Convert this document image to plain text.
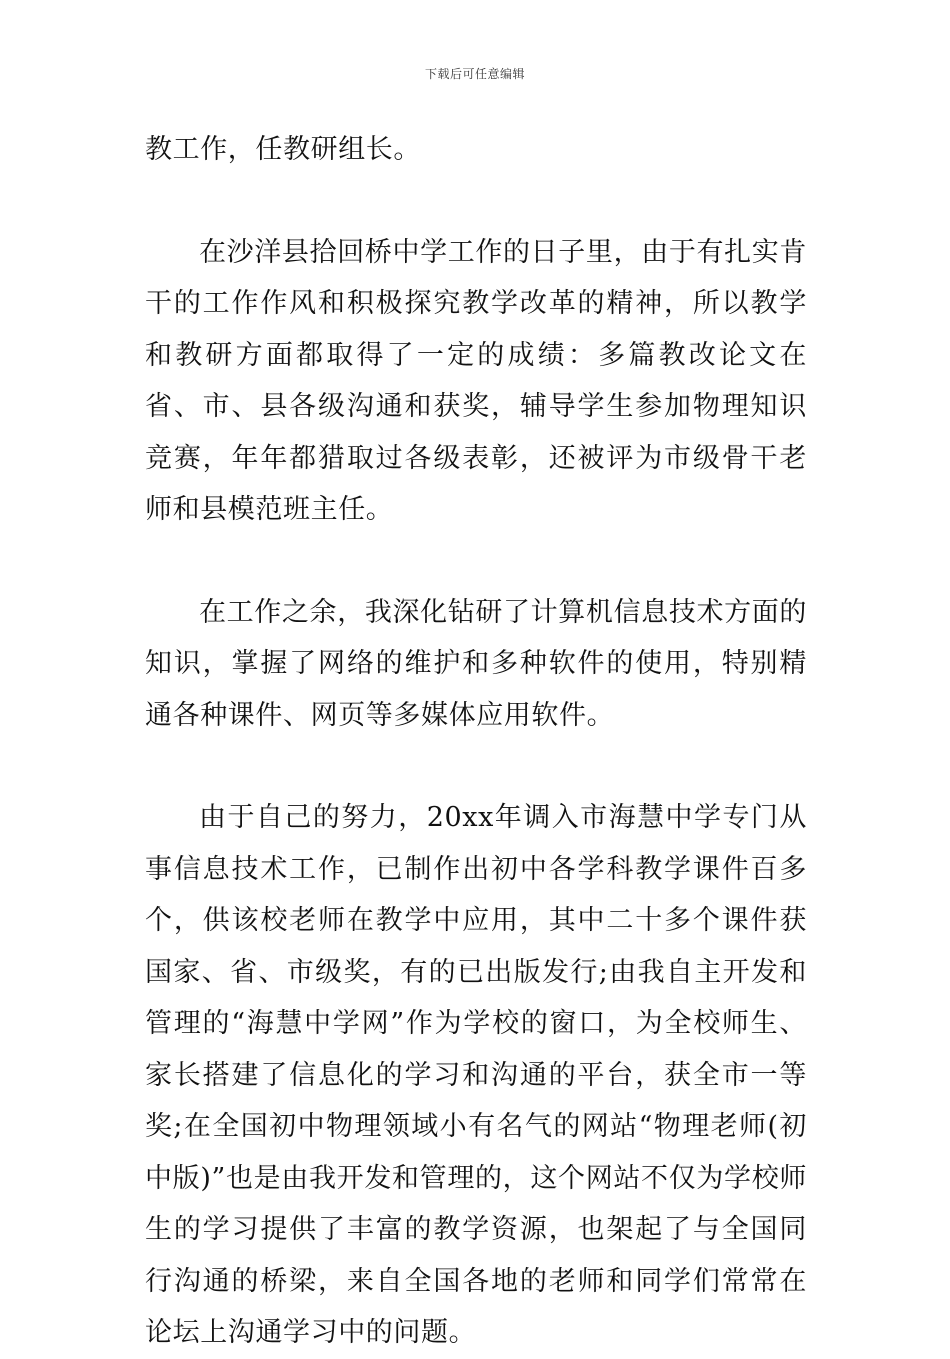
下载后可任意编辑

教工作，任教研组长。

在沙洋县拾回桥中学工作的日子里，由于有扎实肯干的工作作风和积极探究教学改革的精神，所以教学和教研方面都取得了一定的成绩：多篇教改论文在省、市、县各级沟通和获奖，辅导学生参加物理知识竞赛，年年都猎取过各级表彰，还被评为市级骨干老师和县模范班主任。

在工作之余，我深化钻研了计算机信息技术方面的知识，掌握了网络的维护和多种软件的使用，特别精通各种课件、网页等多媒体应用软件。

由于自己的努力，20xx年调入市海慧中学专门从事信息技术工作，已制作出初中各学科教学课件百多个，供该校老师在教学中应用，其中二十多个课件获国家、省、市级奖，有的已出版发行;由我自主开发和管理的“海慧中学网”作为学校的窗口，为全校师生、家长搭建了信息化的学习和沟通的平台，获全市一等奖;在全国初中物理领域小有名气的网站“物理老师(初中版)”也是由我开发和管理的，这个网站不仅为学校师生的学习提供了丰富的教学资源，也架起了与全国同行沟通的桥梁，来自全国各地的老师和同学们常常在论坛上沟通学习中的问题。
